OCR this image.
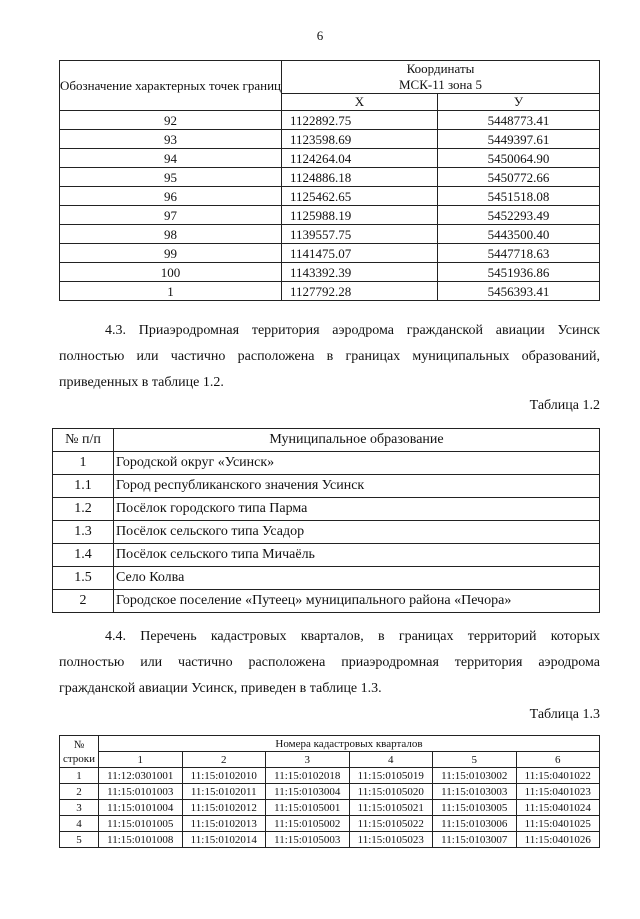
6
Обозначение характерных точек границ	Координаты
МСК-11 зона 5	
	X	У
92	1122892.75	5448773.41
93	1123598.69	5449397.61
94	1124264.04	5450064.90
95	1124886.18	5450772.66
96	1125462.65	5451518.08
97	1125988.19	5452293.49
98	1139557.75	5443500.40
99	1141475.07	5447718.63
100	1143392.39	5451936.86
1	1127792.28	5456393.41
4.3. Приаэродромная территория аэродрома гражданской авиации Усинск
полностью или частично расположена в границах муниципальных образований,
приведенных в таблице 1.2.
Таблица 1.2
№ п/п	Муниципальное образование
1	Городской округ «Усинск»
1.1	Город республиканского значения Усинск
1.2	Посёлок городского типа Парма
1.3	Посёлок сельского типа Усадор
1.4	Посёлок сельского типа Мичаёль
1.5	Село Колва
2	Городское поселение «Путеец» муниципального района «Печора»
4.4. Перечень кадастровых кварталов, в границах территорий которых
полностью или частично расположена приаэродромная территория аэродрома
гражданской авиации Усинск, приведен в таблице 1.3.
Таблица 1.3
№
строки	Номера кадастровых кварталов					
	1	2	3	4	5	6
1	11:12:0301001	11:15:0102010	11:15:0102018	11:15:0105019	11:15:0103002	11:15:0401022
2	11:15:0101003	11:15:0102011	11:15:0103004	11:15:0105020	11:15:0103003	11:15:0401023
3	11:15:0101004	11:15:0102012	11:15:0105001	11:15:0105021	11:15:0103005	11:15:0401024
4	11:15:0101005	11:15:0102013	11:15:0105002	11:15:0105022	11:15:0103006	11:15:0401025
5	11:15:0101008	11:15:0102014	11:15:0105003	11:15:0105023	11:15:0103007	11:15:0401026
